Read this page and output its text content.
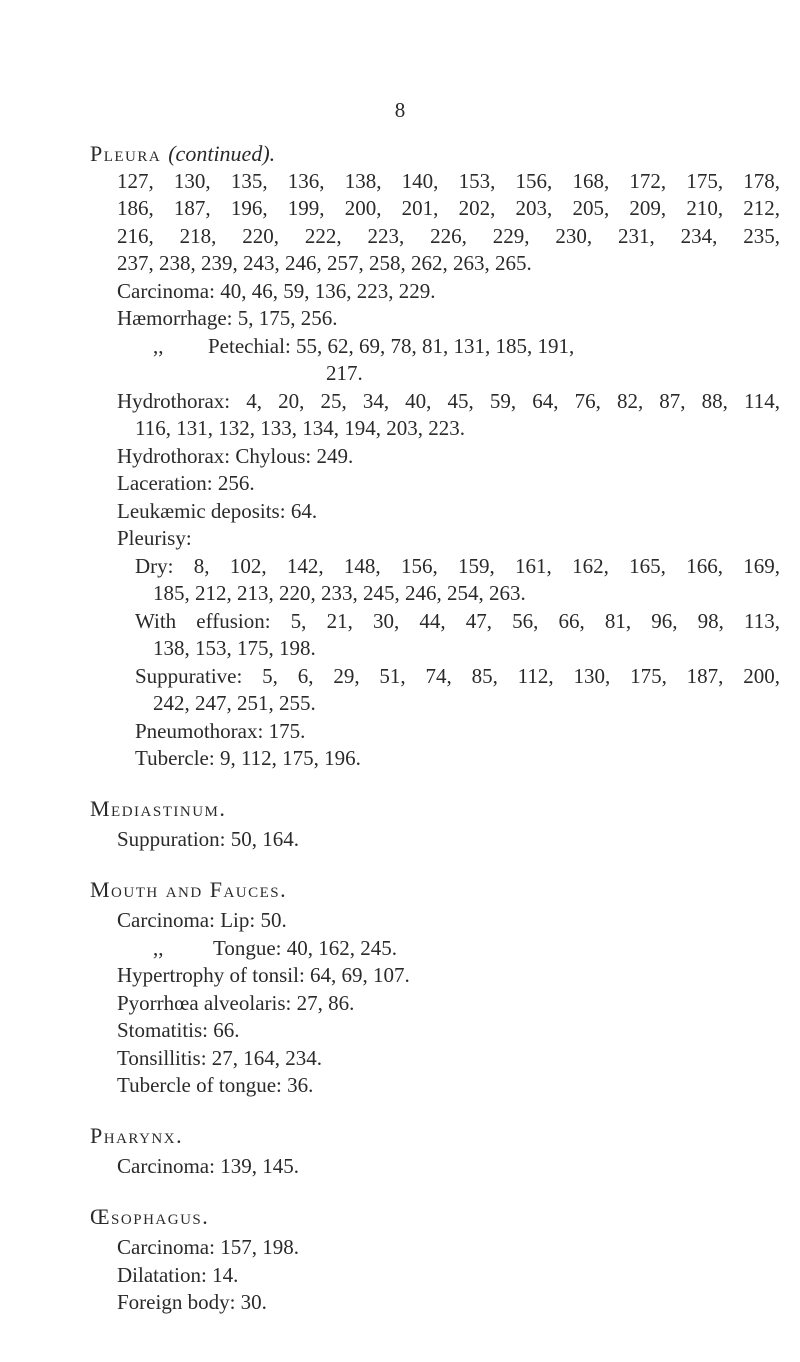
8
Pleura (continued).
127, 130, 135, 136, 138, 140, 153, 156, 168, 172, 175, 178,
186, 187, 196, 199, 200, 201, 202, 203, 205, 209, 210, 212,
216, 218, 220, 222, 223, 226, 229, 230, 231, 234, 235,
237, 238, 239, 243, 246, 257, 258, 262, 263, 265.
Carcinoma: 40, 46, 59, 136, 223, 229.
Hæmorrhage: 5, 175, 256.
,, Petechial: 55, 62, 69, 78, 81, 131, 185, 191,
217.
Hydrothorax: 4, 20, 25, 34, 40, 45, 59, 64, 76, 82, 87, 88, 114,
116, 131, 132, 133, 134, 194, 203, 223.
Hydrothorax: Chylous: 249.
Laceration: 256.
Leukæmic deposits: 64.
Pleurisy:
Dry: 8, 102, 142, 148, 156, 159, 161, 162, 165, 166, 169,
185, 212, 213, 220, 233, 245, 246, 254, 263.
With effusion: 5, 21, 30, 44, 47, 56, 66, 81, 96, 98, 113,
138, 153, 175, 198.
Suppurative: 5, 6, 29, 51, 74, 85, 112, 130, 175, 187, 200,
242, 247, 251, 255.
Pneumothorax: 175.
Tubercle: 9, 112, 175, 196.
Mediastinum.
Suppuration: 50, 164.
Mouth and Fauces.
Carcinoma: Lip: 50.
,, Tongue: 40, 162, 245.
Hypertrophy of tonsil: 64, 69, 107.
Pyorrhœa alveolaris: 27, 86.
Stomatitis: 66.
Tonsillitis: 27, 164, 234.
Tubercle of tongue: 36.
Pharynx.
Carcinoma: 139, 145.
Œsophagus.
Carcinoma: 157, 198.
Dilatation: 14.
Foreign body: 30.
